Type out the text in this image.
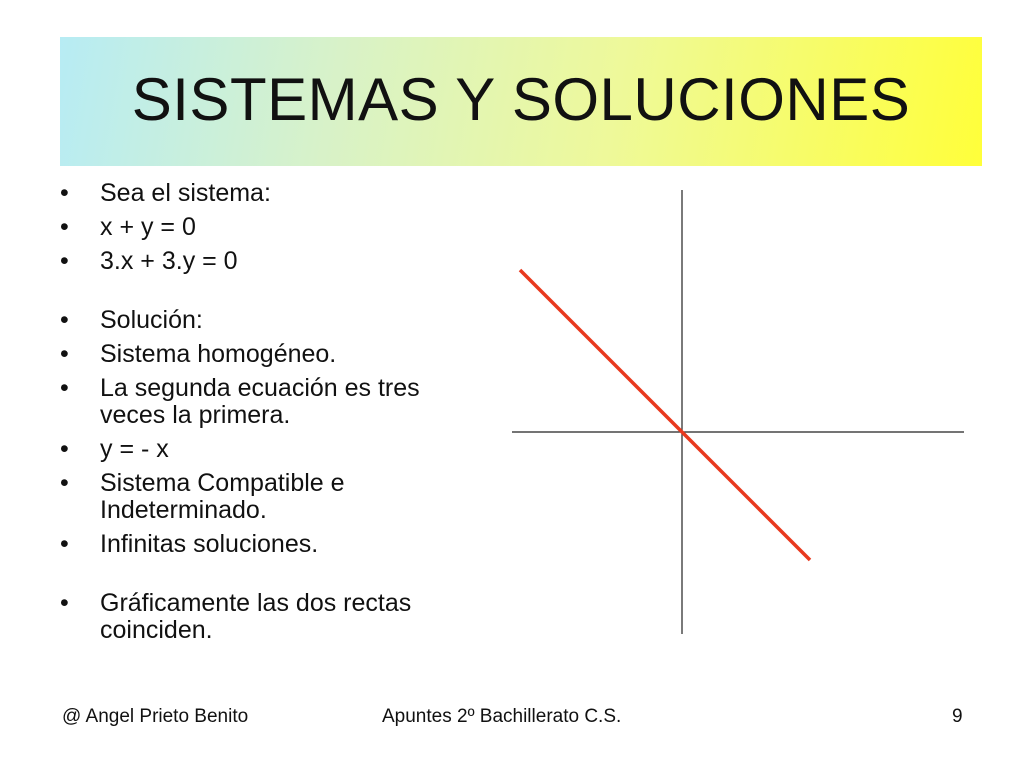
SISTEMAS Y SOLUCIONES
• Sea el sistema:
• x + y = 0
• 3.x + 3.y = 0
• Solución:
• Sistema homogéneo.
• La segunda ecuación es tres veces la primera.
• y = - x
• Sistema Compatible e Indeterminado.
• Infinitas soluciones.
• Gráficamente las dos rectas coinciden.
@ Angel Prieto Benito	Apuntes 2º Bachillerato C.S.	9
